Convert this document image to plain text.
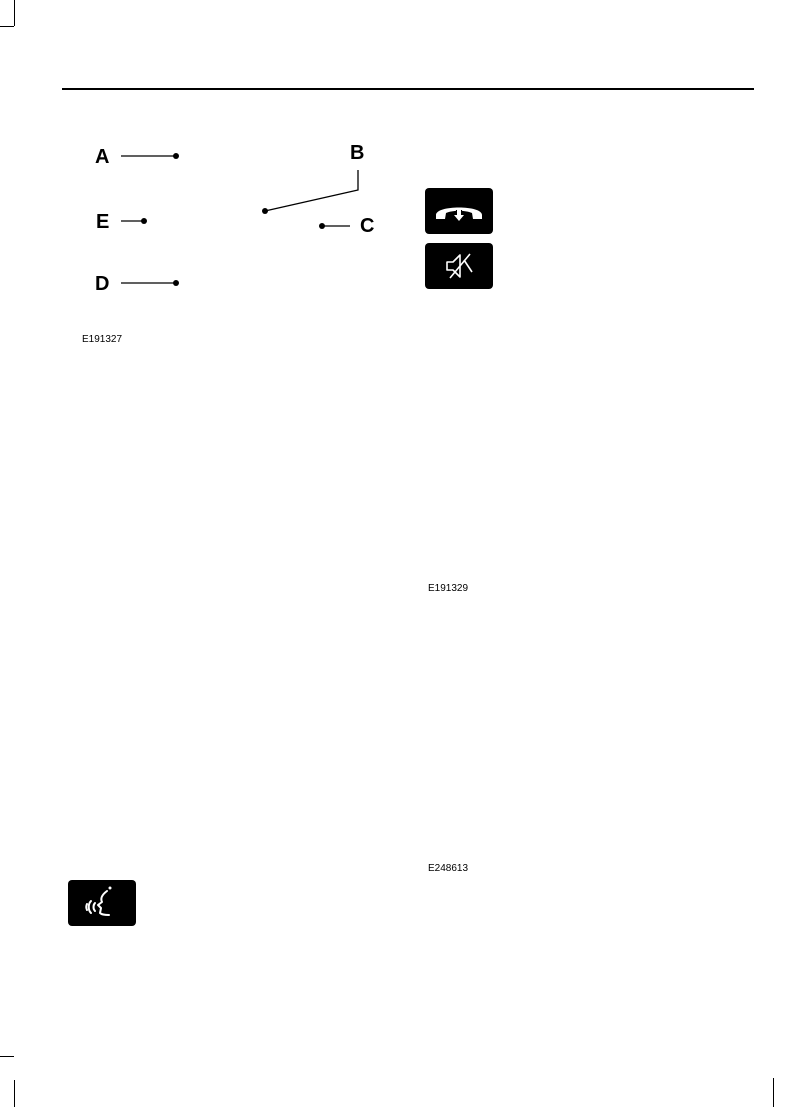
A
E
D
B
C
E191327
E191329
E248613
